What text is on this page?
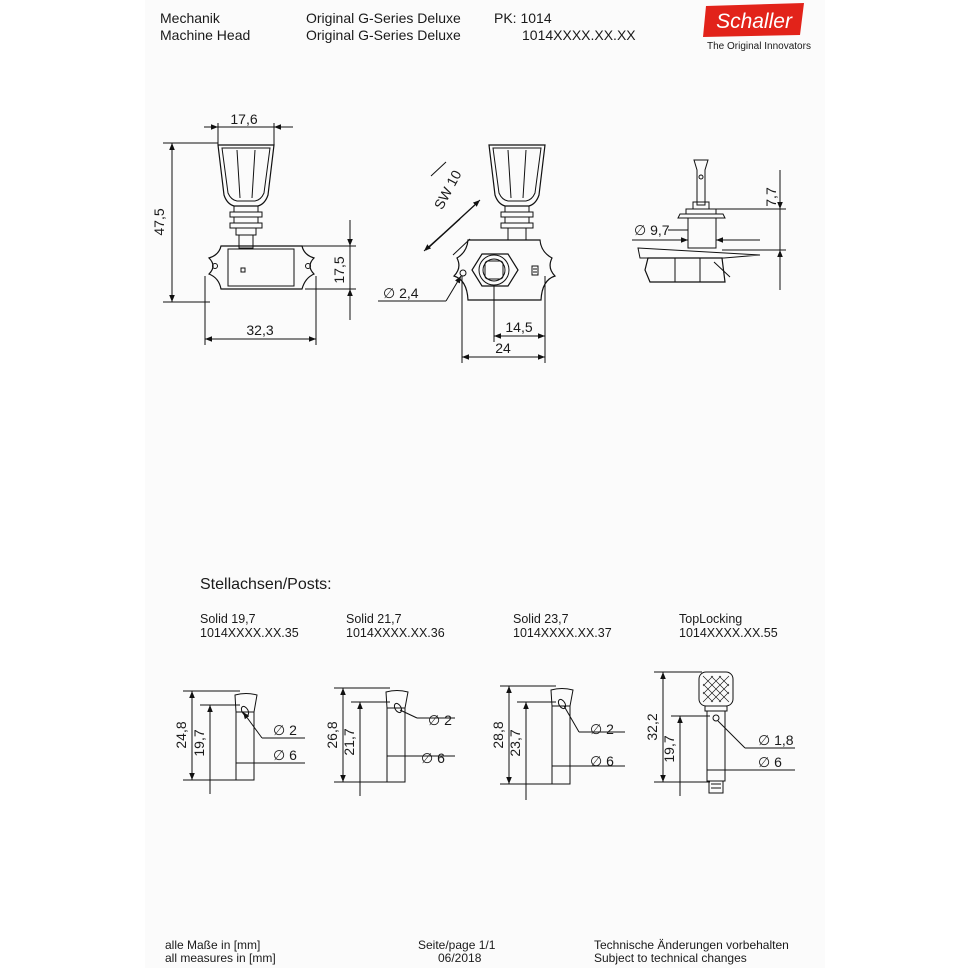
Mechanik
Machine Head
Original G-Series Deluxe
Original G-Series Deluxe
PK: 1014
1014XXXX.XX.XX
Schaller
The Original Innovators
17,6
47,5
17,5
32,3
SW 10
∅ 2,4
14,5
24
∅ 9,7
7,7
24,8 19,7	∅ 2
∅ 6
26,8 21,7
∅ 2
∅ 6
28,8 23,7
∅ 2
∅ 6
32,2
19,7	∅ 1,8
∅ 6
Stellachsen/Posts:
Solid 19,7
1014XXXX.XX.35
Solid 21,7
1014XXXX.XX.36
Solid 23,7
1014XXXX.XX.37
TopLocking
1014XXXX.XX.55
alle Maße in [mm]
all measures in [mm]
Seite/page 1/1
06/2018
Technische Änderungen vorbehalten
Subject to technical changes
